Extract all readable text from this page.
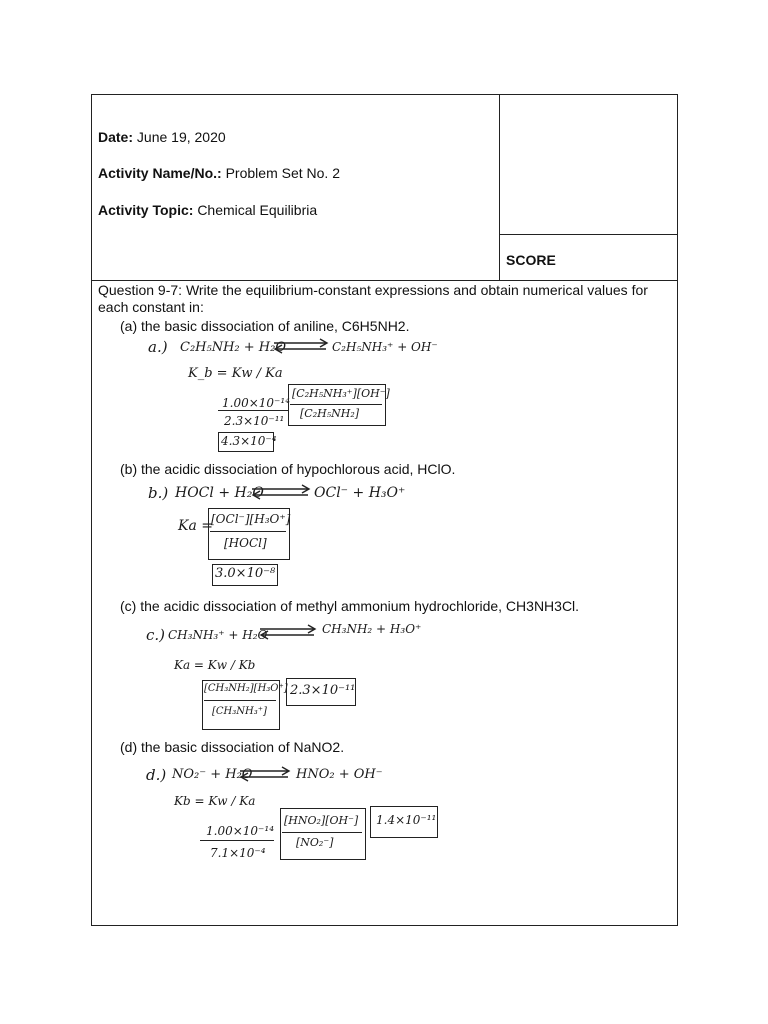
Date: June 19, 2020
Activity Name/No.: Problem Set No. 2
Activity Topic: Chemical Equilibria
SCORE
Question 9-7: Write the equilibrium-constant expressions and obtain numerical values for each constant in:
(a) the basic dissociation of aniline, C6H5NH2.
a.) C₂H₅NH₂ + H₂O ⇌ C₂H₅NH₃⁺ + OH⁻
K_b = Kw / Ka
1.00×10⁻¹⁴
2.3×10⁻¹¹
[C₂H₅NH₃⁺][OH⁻]
[C₂H₅NH₂]
4.3×10⁻⁴
(b) the acidic dissociation of hypochlorous acid, HClO.
b.) HOCl + H₂O ⇌ OCl⁻ + H₃O⁺
Ka =
[OCl⁻][H₃O⁺]
[HOCl]
3.0×10⁻⁸
(c) the acidic dissociation of methyl ammonium hydrochloride, CH3NH3Cl.
c.) CH₃NH₃⁺ + H₂O ⇌ CH₃NH₂ + H₃O⁺
Ka = Kw / Kb
[CH₃NH₂][H₃O⁺]
[CH₃NH₃⁺]
2.3×10⁻¹¹
(d) the basic dissociation of NaNO2.
d.) NO₂⁻ + H₂O ⇌ HNO₂ + OH⁻
Kb = Kw / Ka
1.00×10⁻¹⁴
7.1×10⁻⁴
[HNO₂][OH⁻]
[NO₂⁻]
1.4×10⁻¹¹
